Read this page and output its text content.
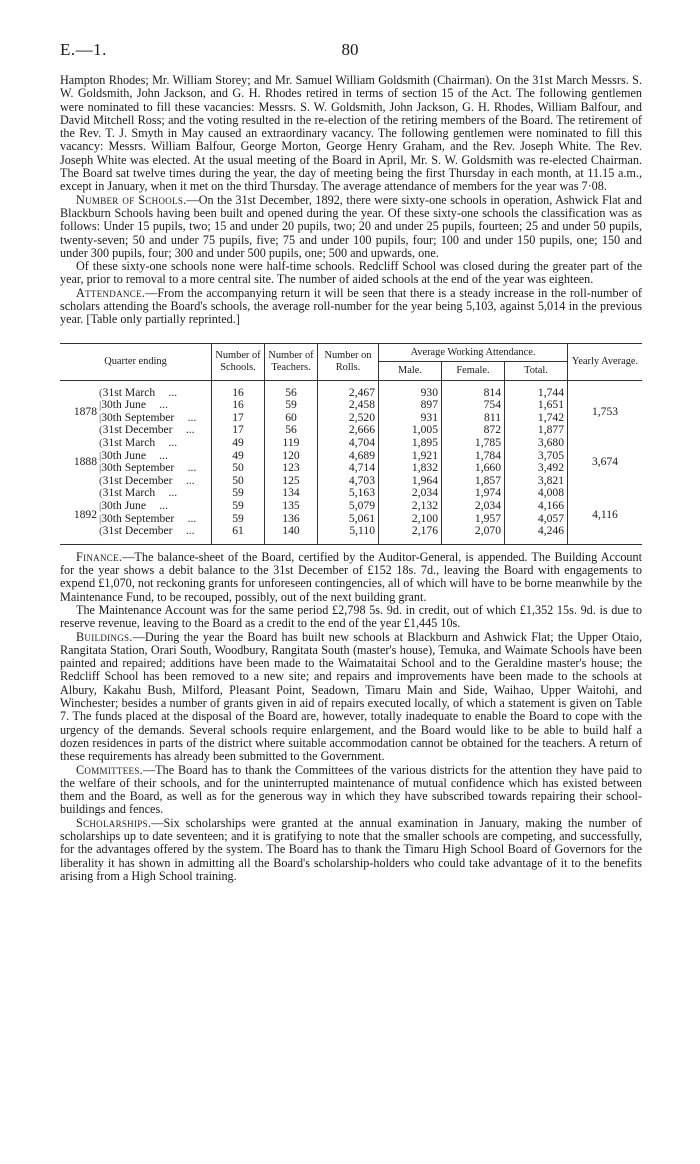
E.—1.	80

Hampton Rhodes; Mr. William Storey; and Mr. Samuel William Goldsmith (Chairman). On the 31st March Messrs. S. W. Goldsmith, John Jackson, and G. H. Rhodes retired in terms of section 15 of the Act. The following gentlemen were nominated to fill these vacancies: Messrs. S. W. Goldsmith, John Jackson, G. H. Rhodes, William Balfour, and David Mitchell Ross; and the voting resulted in the re-election of the retiring members of the Board. The retirement of the Rev. T. J. Smyth in May caused an extraordinary vacancy. The following gentlemen were nominated to fill this vacancy: Messrs. William Balfour, George Morton, George Henry Graham, and the Rev. Joseph White. The Rev. Joseph White was elected. At the usual meeting of the Board in April, Mr. S. W. Goldsmith was re-elected Chairman. The Board sat twelve times during the year, the day of meeting being the first Thursday in each month, at 11.15 a.m., except in January, when it met on the third Thursday. The average attendance of members for the year was 7·08.

Number of Schools.—On the 31st December, 1892, there were sixty-one schools in operation, Ashwick Flat and Blackburn Schools having been built and opened during the year. Of these sixty-one schools the classification was as follows: Under 15 pupils, two; 15 and under 20 pupils, two; 20 and under 25 pupils, fourteen; 25 and under 50 pupils, twenty-seven; 50 and under 75 pupils, five; 75 and under 100 pupils, four; 100 and under 150 pupils, one; 150 and under 300 pupils, four; 300 and under 500 pupils, one; 500 and upwards, one.

Of these sixty-one schools none were half-time schools. Redcliff School was closed during the greater part of the year, prior to removal to a more central site. The number of aided schools at the end of the year was eighteen.

Attendance.—From the accompanying return it will be seen that there is a steady increase in the roll-number of scholars attending the Board's schools, the average roll-number for the year being 5,103, against 5,014 in the previous year. [Table only partially reprinted.]

Quarter ending		Number of Schools.	Number of Teachers.	Number on Rolls.	Average Working Attendance.			Yearly Average.
					Male.	Female.	Total.	
1878	(31st March ...	16	56	2,467	930	814	1,744	1,753
	|30th June ...	16	59	2,458	897	754	1,651	
	|30th September ...	17	60	2,520	931	811	1,742	
	(31st December ...	17	56	2,666	1,005	872	1,877	
1888	(31st March ...	49	119	4,704	1,895	1,785	3,680	3,674
	|30th June ...	49	120	4,689	1,921	1,784	3,705	
	|30th September ...	50	123	4,714	1,832	1,660	3,492	
	(31st December ...	50	125	4,703	1,964	1,857	3,821	
1892	(31st March ...	59	134	5,163	2,034	1,974	4,008	4,116
	|30th June ...	59	135	5,079	2,132	2,034	4,166	
	|30th September ...	59	136	5,061	2,100	1,957	4,057	
	(31st December ...	61	140	5,110	2,176	2,070	4,246	

Finance.—The balance-sheet of the Board, certified by the Auditor-General, is appended. The Building Account for the year shows a debit balance to the 31st December of £152 18s. 7d., leaving the Board with engagements to expend £1,070, not reckoning grants for unforeseen contingencies, all of which will have to be borne meanwhile by the Maintenance Fund, to be recouped, possibly, out of the next building grant.

The Maintenance Account was for the same period £2,798 5s. 9d. in credit, out of which £1,352 15s. 9d. is due to reserve revenue, leaving to the Board as a credit to the end of the year £1,445 10s.

Buildings.—During the year the Board has built new schools at Blackburn and Ashwick Flat; the Upper Otaio, Rangitata Station, Orari South, Woodbury, Rangitata South (master's house), Temuka, and Waimate Schools have been painted and repaired; additions have been made to the Waimataitai School and to the Geraldine master's house; the Redcliff School has been removed to a new site; and repairs and improvements have been made to the schools at Albury, Kakahu Bush, Milford, Pleasant Point, Seadown, Timaru Main and Side, Waihao, Upper Waitohi, and Winchester; besides a number of grants given in aid of repairs executed locally, of which a statement is given on Table 7. The funds placed at the disposal of the Board are, however, totally inadequate to enable the Board to cope with the urgency of the demands. Several schools require enlargement, and the Board would like to be able to build half a dozen residences in parts of the district where suitable accommodation cannot be obtained for the teachers. A return of these requirements has already been submitted to the Government.

Committees.—The Board has to thank the Committees of the various districts for the attention they have paid to the welfare of their schools, and for the uninterrupted maintenance of mutual confidence which has existed between them and the Board, as well as for the generous way in which they have subscribed towards repairing their school-buildings and fences.

Scholarships.—Six scholarships were granted at the annual examination in January, making the number of scholarships up to date seventeen; and it is gratifying to note that the smaller schools are competing, and successfully, for the advantages offered by the system. The Board has to thank the Timaru High School Board of Governors for the liberality it has shown in admitting all the Board's scholarship-holders who could take advantage of it to the benefits arising from a High School training.
